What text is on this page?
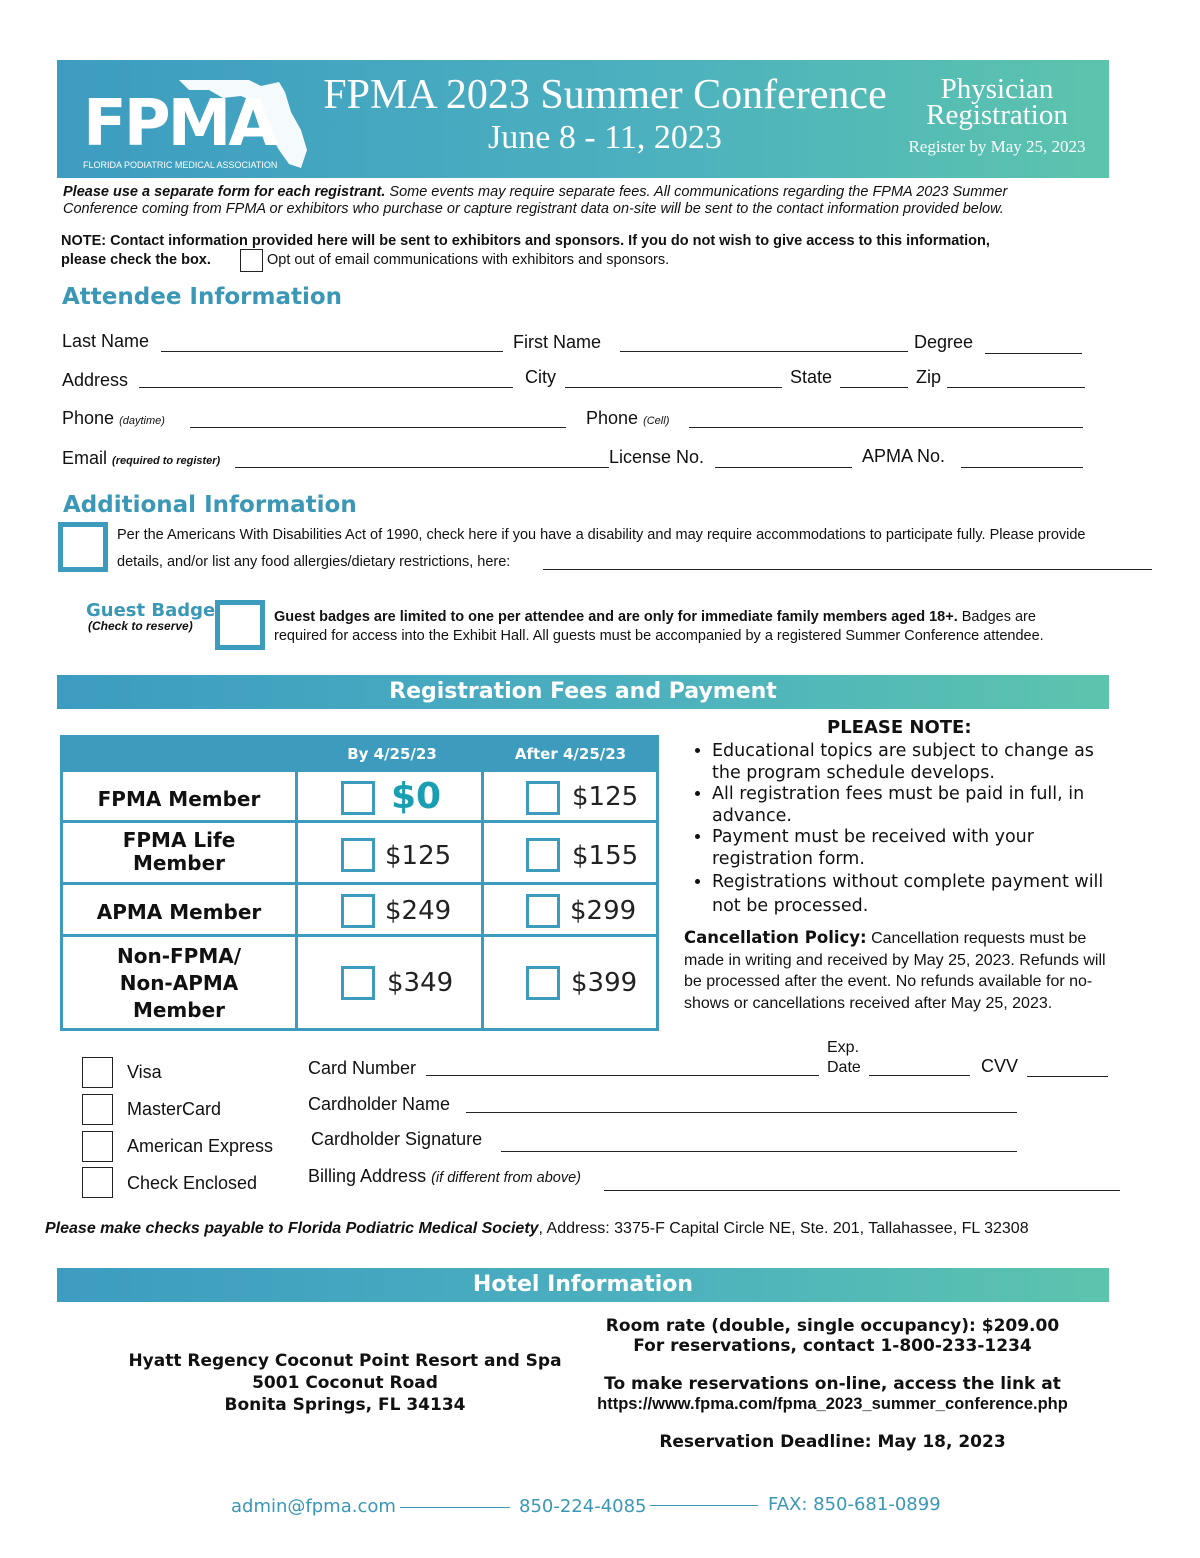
FPMA
FLORIDA PODIATRIC MEDICAL ASSOCIATION
FPMA 2023 Summer Conference
June 8 - 11, 2023
Physician
Registration
Register by May 25, 2023
Please use a separate form for each registrant. Some events may require separate fees. All communications regarding the FPMA 2023 Summer
Conference coming from FPMA or exhibitors who purchase or capture registrant data on-site will be sent to the contact information provided below.
NOTE: Contact information provided here will be sent to exhibitors and sponsors. If you do not wish to give access to this information,
please check the box.	Opt out of email communications with exhibitors and sponsors.
Attendee Information
Last Name	First Name	Degree
Address	City	State	Zip
Phone (daytime)	Phone (Cell)
Email (required to register)	License No.	APMA No.
Additional Information
Per the Americans With Disabilities Act of 1990, check here if you have a disability and may require accommodations to participate fully. Please provide
details, and/or list any food allergies/dietary restrictions, here:
Guest Badge
(Check to reserve)
Guest badges are limited to one per attendee and are only for immediate family members aged 18+. Badges are
required for access into the Exhibit Hall. All guests must be accompanied by a registered Summer Conference attendee.
Registration Fees and Payment
By 4/25/23	After 4/25/23
FPMA Member	$0	$125
FPMA Life
Member	$125	$155
APMA Member	$249	$299
Non-FPMA/
Non-APMA
Member
$349	$399
PLEASE NOTE:
• Educational topics are subject to change as the program schedule develops.
• All registration fees must be paid in full, in advance.
• Payment must be received with your registration form.
• Registrations without complete payment will not be processed.
Cancellation Policy: Cancellation requests must be made in writing and received by May 25, 2023. Refunds will be processed after the event. No refunds available for no-shows or cancellations received after May 25, 2023.
Visa
MasterCard
American Express
Check Enclosed
Card Number
Exp.
Date	CVV
Cardholder Name
Cardholder Signature
Billing Address (if different from above)
Please make checks payable to Florida Podiatric Medical Society, Address: 3375-F Capital Circle NE, Ste. 201, Tallahassee, FL 32308
Hotel Information
Hyatt Regency Coconut Point Resort and Spa
5001 Coconut Road
Bonita Springs, FL 34134
Room rate (double, single occupancy): $209.00
For reservations, contact 1-800-233-1234
To make reservations on-line, access the link at
https://www.fpma.com/fpma_2023_summer_conference.php
Reservation Deadline: May 18, 2023
admin@fpma.com	850-224-4085	FAX: 850-681-0899
